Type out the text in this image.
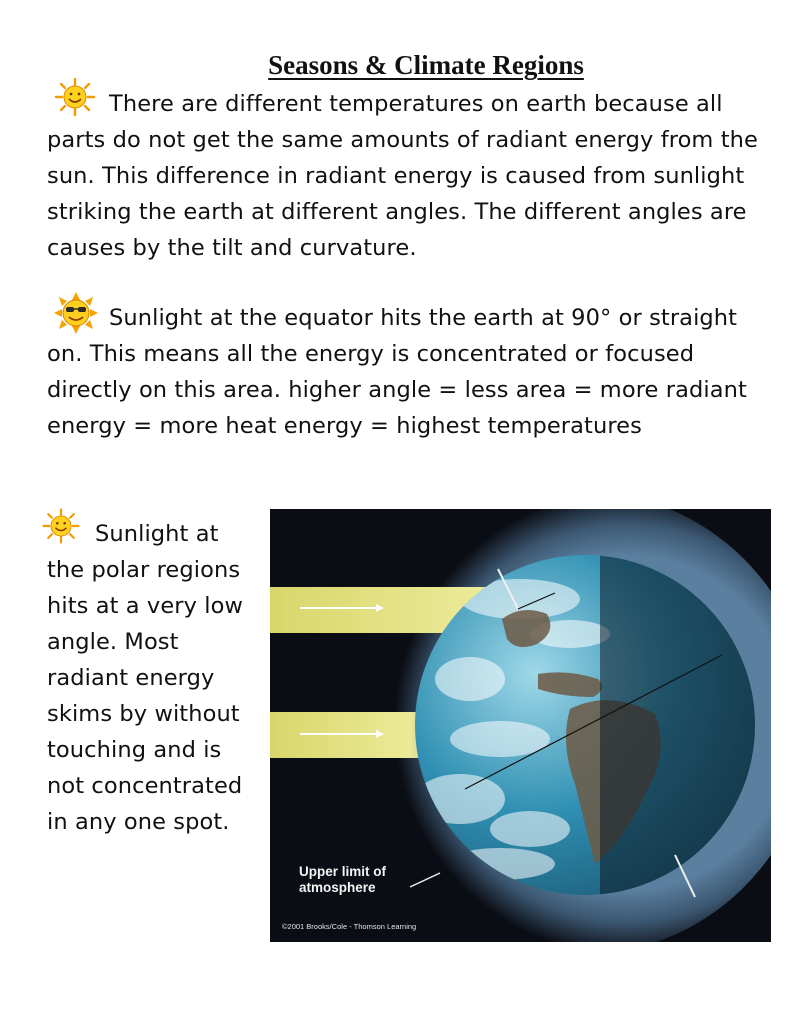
Seasons & Climate Regions
There are different temperatures on earth because all parts do not get the same amounts of radiant energy from the sun. This difference in radiant energy is caused from sunlight striking the earth at different angles. The different angles are causes by the tilt and curvature.
Sunlight at the equator hits the earth at 90° or straight on. This means all the energy is concentrated or focused directly on this area. higher angle = less area = more radiant energy = more heat energy = highest temperatures
Sunlight at the polar regions hits at a very low angle. Most radiant energy skims by without touching and is not concentrated in any one spot.
Upper limit of
atmosphere
©2001 Brooks/Cole - Thomson Learning
